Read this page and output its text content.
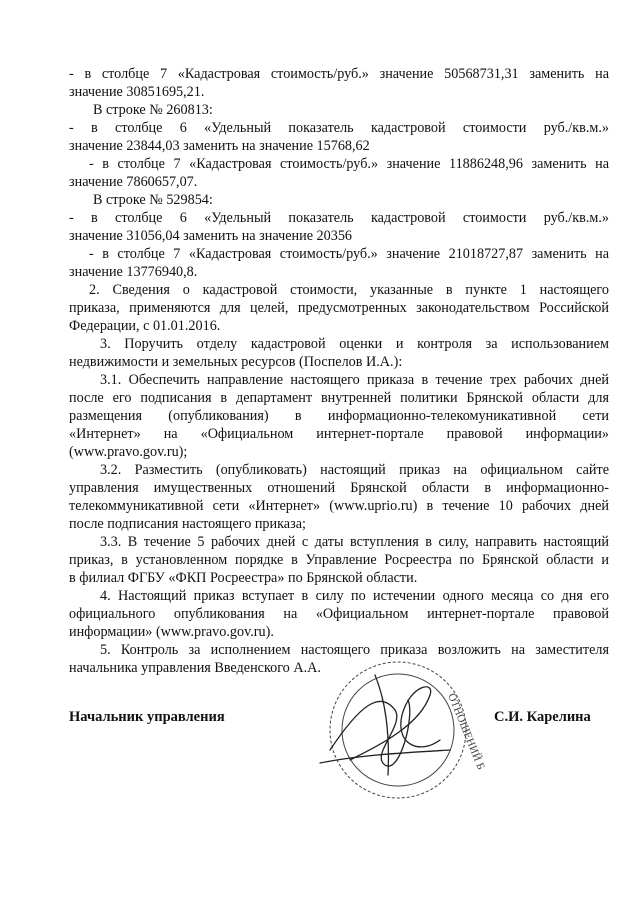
- в столбце 7 «Кадастровая стоимость/руб.» значение 50568731,31 заменить на
значение 30851695,21.
В строке № 260813:
- в столбце 6 «Удельный показатель кадастровой стоимости руб./кв.м.»
значение 23844,03 заменить на значение 15768,62
- в столбце 7 «Кадастровая стоимость/руб.» значение 11886248,96 заменить на
значение 7860657,07.
В строке № 529854:
- в столбце 6 «Удельный показатель кадастровой стоимости руб./кв.м.»
значение 31056,04 заменить на значение 20356
- в столбце 7 «Кадастровая стоимость/руб.» значение 21018727,87 заменить на
значение 13776940,8.
2. Сведения о кадастровой стоимости, указанные в пункте 1 настоящего
приказа, применяются для целей, предусмотренных законодательством Российской
Федерации, с 01.01.2016.
3. Поручить отделу кадастровой оценки и контроля за использованием
недвижимости и земельных ресурсов (Поспелов И.А.):
3.1. Обеспечить направление настоящего приказа в течение трех рабочих дней
после его подписания в департамент внутренней политики Брянской области для
размещения (опубликования) в информационно-телекомуникативной сети
«Интернет» на «Официальном интернет-портале правовой информации»
(www.pravo.gov.ru);
3.2. Разместить (опубликовать) настоящий приказ на официальном сайте
управления имущественных отношений Брянской области в информационно-
телекоммуникативной сети «Интернет» (www.uprio.ru) в течение 10 рабочих дней
после подписания настоящего приказа;
3.3. В течение 5 рабочих дней с даты вступления в силу, направить настоящий
приказ, в установленном порядке в Управление Росреестра по Брянской области и
в филиал ФГБУ «ФКП Росреестра» по Брянской области.
4. Настоящий приказ вступает в силу по истечении одного месяца со дня его
официального опубликования на «Официальном интернет-портале правовой
информации» (www.pravo.gov.ru).
5. Контроль за исполнением настоящего приказа возложить на заместителя
начальника управления Введенского А.А.
ОТНОШЕНИЙ Б
Начальник управления	С.И. Карелина
